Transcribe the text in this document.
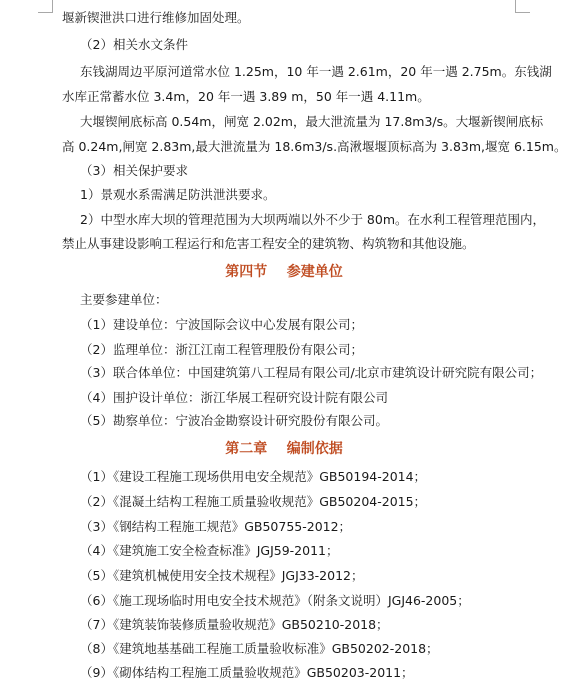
堰新锲泄洪口进行维修加固处理。
（2）相关水文条件
东钱湖周边平原河道常水位 1.25m，10 年一遇 2.61m，20 年一遇 2.75m。东钱湖
水库正常蓄水位 3.4m，20 年一遇 3.89 m，50 年一遇 4.11m。
大堰锲闸底标高 0.54m，闸宽 2.02m，最大泄流量为 17.8m3/s。大堰新锲闸底标
高 0.24m,闸宽 2.83m,最大泄流量为 18.6m3/s.高湫堰堰顶标高为 3.83m,堰宽 6.15m。
（3）相关保护要求
1）景观水系需满足防洪泄洪要求。
2）中型水库大坝的管理范围为大坝两端以外不少于 80m。在水利工程管理范围内，
禁止从事建设影响工程运行和危害工程安全的建筑物、构筑物和其他设施。
第四节    参建单位
主要参建单位：
（1）建设单位：宁波国际会议中心发展有限公司；
（2）监理单位：浙江江南工程管理股份有限公司；
（3）联合体单位：中国建筑第八工程局有限公司/北京市建筑设计研究院有限公司；
（4）围护设计单位：浙江华展工程研究设计院有限公司
（5）勘察单位：宁波冶金勘察设计研究股份有限公司。
第二章    编制依据
（1）《建设工程施工现场供用电安全规范》GB50194-2014；
（2）《混凝土结构工程施工质量验收规范》GB50204-2015；
（3）《钢结构工程施工规范》GB50755-2012；
（4）《建筑施工安全检查标准》JGJ59-2011；
（5）《建筑机械使用安全技术规程》JGJ33-2012；
（6）《施工现场临时用电安全技术规范》（附条文说明）JGJ46-2005；
（7）《建筑装饰装修质量验收规范》GB50210-2018；
（8）《建筑地基基础工程施工质量验收标准》GB50202-2018；
（9）《砌体结构工程施工质量验收规范》GB50203-2011；
